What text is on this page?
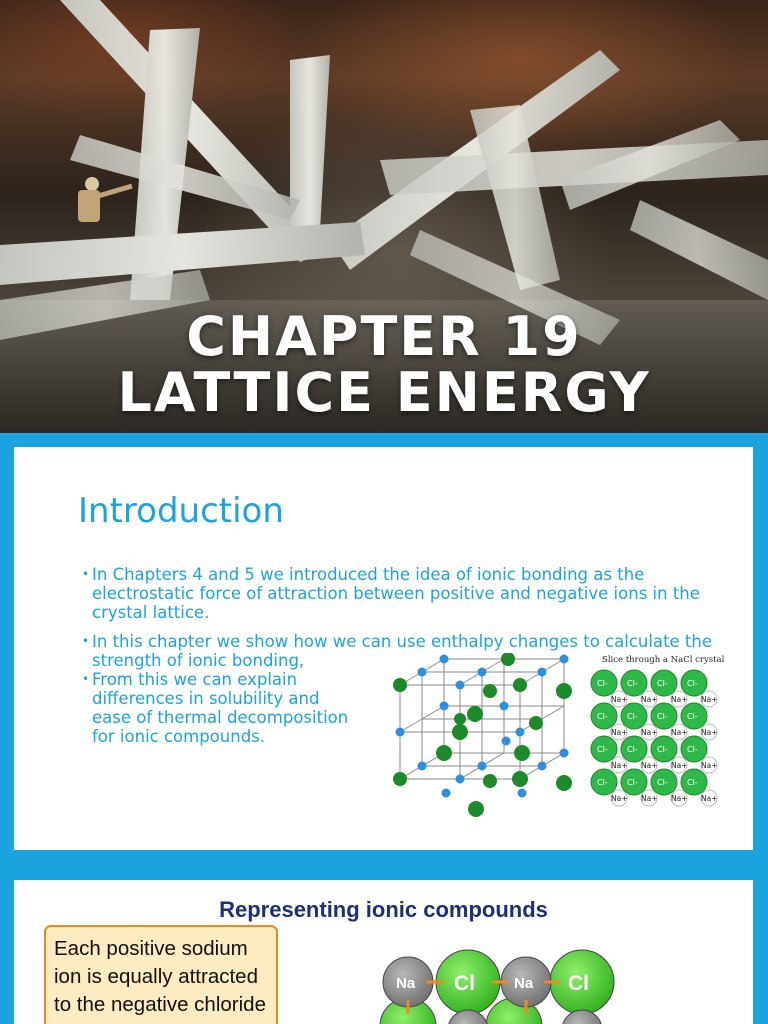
CHAPTER 19
LATTICE ENERGY
Introduction
• In Chapters 4 and 5 we introduced the idea of ionic bonding as the electrostatic force of attraction between positive and negative ions in the crystal lattice.
• In this chapter we show how we can use enthalpy changes to calculate the strength of ionic bonding,
• From this we can explain differences in solubility and ease of thermal decomposition for ionic compounds.
Slice through a NaCl crystal
Cl- Cl- Cl- Cl-
Cl- Cl- Cl- Cl-
Cl- Cl- Cl- Cl-
Cl- Cl- Cl- Cl-
Na+ Na+ Na+ Na+
Na+ Na+ Na+ Na+
Na+ Na+ Na+ Na+
Na+ Na+ Na+ Na+
Representing ionic compounds
Each positive sodium ion is equally attracted to the negative chloride
Na Cl	Na Cl
